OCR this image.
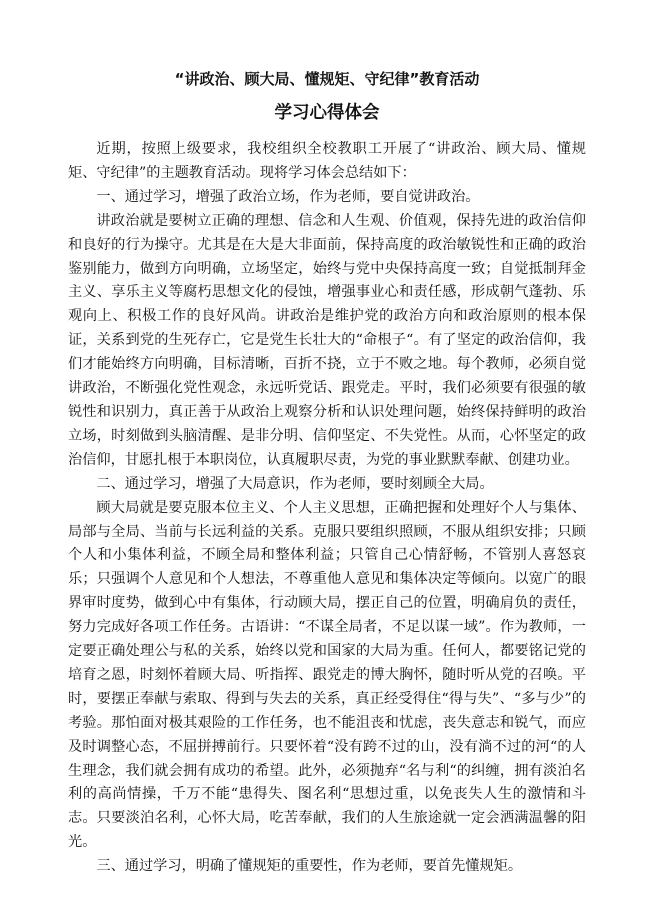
“讲政治、顾大局、懂规矩、守纪律”教育活动
学习心得体会

近期，按照上级要求，我校组织全校教职工开展了“讲政治、顾大局、懂规矩、守纪律”的主题教育活动。现将学习体会总结如下：

一、通过学习，增强了政治立场，作为老师，要自觉讲政治。

讲政治就是要树立正确的理想、信念和人生观、价值观，保持先进的政治信仰和良好的行为操守。尤其是在大是大非面前，保持高度的政治敏锐性和正确的政治鉴别能力，做到方向明确，立场坚定，始终与党中央保持高度一致；自觉抵制拜金主义、享乐主义等腐朽思想文化的侵蚀，增强事业心和责任感，形成朝气蓬勃、乐观向上、积极工作的良好风尚。讲政治是维护党的政治方向和政治原则的根本保证，关系到党的生死存亡，它是党生长壮大的“命根子“。有了坚定的政治信仰，我们才能始终方向明确，目标清晰，百折不挠，立于不败之地。每个教师，必须自觉讲政治，不断强化党性观念，永远听党话、跟党走。平时，我们必须要有很强的敏锐性和识别力，真正善于从政治上观察分析和认识处理问题，始终保持鲜明的政治立场，时刻做到头脑清醒、是非分明、信仰坚定、不失党性。从而，心怀坚定的政治信仰，甘愿扎根于本职岗位，认真履职尽责，为党的事业默默奉献、创建功业。

二、通过学习，增强了大局意识，作为老师，要时刻顾全大局。

顾大局就是要克服本位主义、个人主义思想，正确把握和处理好个人与集体、局部与全局、当前与长远利益的关系。克服只要组织照顾，不服从组织安排；只顾个人和小集体利益，不顾全局和整体利益；只管自己心情舒畅，不管别人喜怒哀乐；只强调个人意见和个人想法，不尊重他人意见和集体决定等倾向。以宽广的眼界审时度势，做到心中有集体，行动顾大局，摆正自己的位置，明确肩负的责任，努力完成好各项工作任务。古语讲：“不谋全局者，不足以谋一域”。作为教师，一定要正确处理公与私的关系，始终以党和国家的大局为重。任何人，都要铭记党的培育之恩，时刻怀着顾大局、听指挥、跟党走的博大胸怀，随时听从党的召唤。平时，要摆正奉献与索取、得到与失去的关系，真正经受得住“得与失”、“多与少”的考验。那怕面对极其艰险的工作任务，也不能沮丧和忧虑，丧失意志和锐气，而应及时调整心态，不屈拼搏前行。只要怀着“没有跨不过的山，没有淌不过的河“的人生理念，我们就会拥有成功的希望。此外，必须抛弃“名与利“的纠缠，拥有淡泊名利的高尚情操，千万不能“患得失、图名利“思想过重，以免丧失人生的激情和斗志。只要淡泊名利，心怀大局，吃苦奉献，我们的人生旅途就一定会洒满温馨的阳光。

三、通过学习，明确了懂规矩的重要性，作为老师，要首先懂规矩。
